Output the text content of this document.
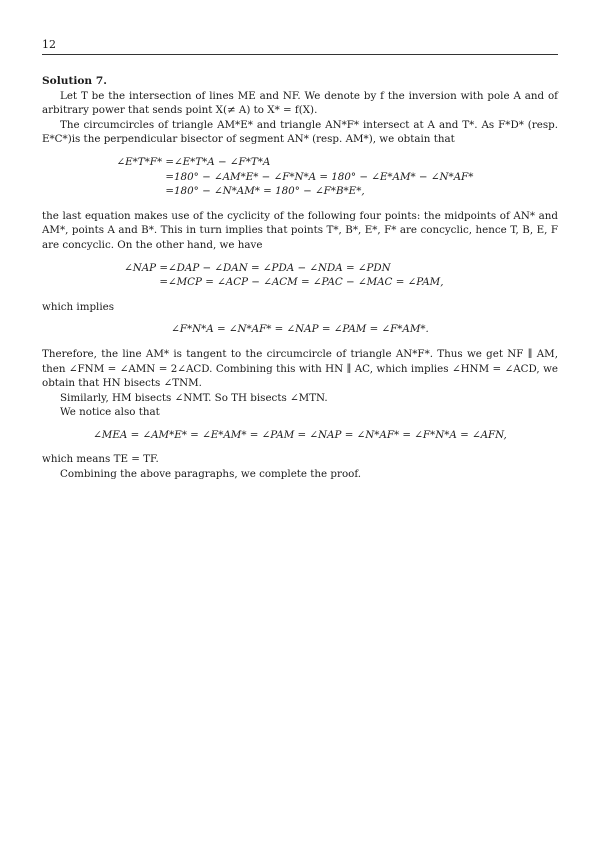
12
Solution 7.

Let T be the intersection of lines ME and NF. We denote by f the inversion with pole A and of arbitrary power that sends point X(≠ A) to X* = f(X).

The circumcircles of triangle AM*E* and triangle AN*F* intersect at A and T*. As F*D* (resp. E*C*)is the perpendicular bisector of segment AN* (resp. AM*), we obtain that

∠E*T*F* = ∠E*T*A − ∠F*T*A
= 180° − ∠AM*E* − ∠F*N*A = 180° − ∠E*AM* − ∠N*AF*
= 180° − ∠N*AM* = 180° − ∠F*B*E*,

the last equation makes use of the cyclicity of the following four points: the midpoints of AN* and AM*, points A and B*. This in turn implies that points T*, B*, E*, F* are concyclic, hence T, B, E, F are concyclic. On the other hand, we have

∠NAP = ∠DAP − ∠DAN = ∠PDA − ∠NDA = ∠PDN
= ∠MCP = ∠ACP − ∠ACM = ∠PAC − ∠MAC = ∠PAM,

which implies

∠F*N*A = ∠N*AF* = ∠NAP = ∠PAM = ∠F*AM*.

Therefore, the line AM* is tangent to the circumcircle of triangle AN*F*. Thus we get NF ∥ AM, then ∠FNM = ∠AMN = 2∠ACD. Combining this with HN ∥ AC, which implies ∠HNM = ∠ACD, we obtain that HN bisects ∠TNM.

Similarly, HM bisects ∠NMT. So TH bisects ∠MTN.

We notice also that

∠MEA = ∠AM*E* = ∠E*AM* = ∠PAM = ∠NAP = ∠N*AF* = ∠F*N*A = ∠AFN,

which means TE = TF.

Combining the above paragraphs, we complete the proof.
